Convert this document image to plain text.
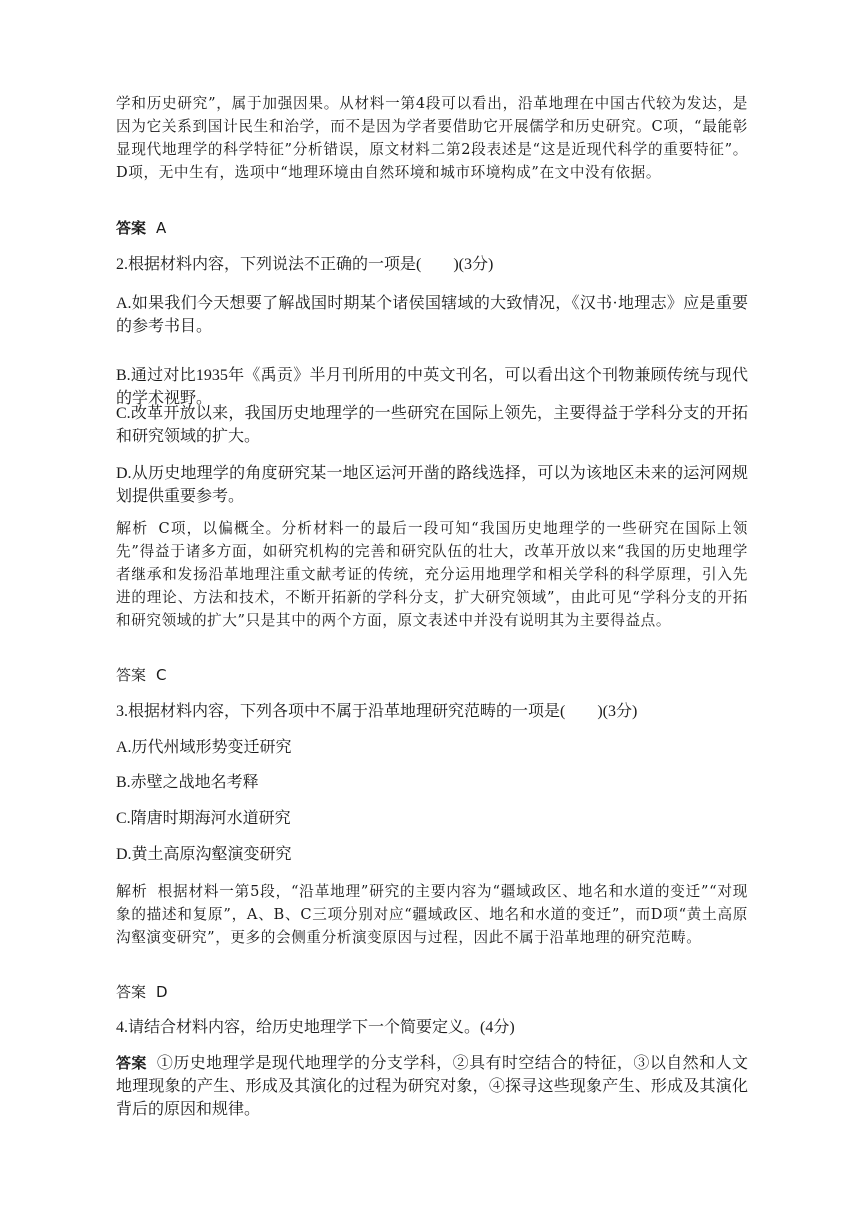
学和历史研究”，属于加强因果。从材料一第4段可以看出，沿革地理在中国古代较为发达，是因为它关系到国计民生和治学，而不是因为学者要借助它开展儒学和历史研究。C项，“最能彰显现代地理学的科学特征”分析错误，原文材料二第2段表述是“这是近现代科学的重要特征”。D项，无中生有，选项中“地理环境由自然环境和城市环境构成”在文中没有依据。

答案 A

2.根据材料内容，下列说法不正确的一项是(　　)(3分)

A.如果我们今天想要了解战国时期某个诸侯国辖域的大致情况，《汉书·地理志》应是重要的参考书目。

B.通过对比1935年《禹贡》半月刊所用的中英文刊名，可以看出这个刊物兼顾传统与现代的学术视野。

C.改革开放以来，我国历史地理学的一些研究在国际上领先，主要得益于学科分支的开拓和研究领域的扩大。

D.从历史地理学的角度研究某一地区运河开凿的路线选择，可以为该地区未来的运河网规划提供重要参考。

解析 C项，以偏概全。分析材料一的最后一段可知“我国历史地理学的一些研究在国际上领先”得益于诸多方面，如研究机构的完善和研究队伍的壮大，改革开放以来“我国的历史地理学者继承和发扬沿革地理注重文献考证的传统，充分运用地理学和相关学科的科学原理，引入先进的理论、方法和技术，不断开拓新的学科分支，扩大研究领域”，由此可见“学科分支的开拓和研究领域的扩大”只是其中的两个方面，原文表述中并没有说明其为主要得益点。

答案 C

3.根据材料内容，下列各项中不属于沿革地理研究范畴的一项是(　　)(3分)

A.历代州域形势变迁研究

B.赤壁之战地名考释

C.隋唐时期海河水道研究

D.黄土高原沟壑演变研究

解析 根据材料一第5段，“沿革地理”研究的主要内容为“疆域政区、地名和水道的变迁”“对现象的描述和复原”，A、B、C三项分别对应“疆域政区、地名和水道的变迁”，而D项“黄土高原沟壑演变研究”，更多的会侧重分析演变原因与过程，因此不属于沿革地理的研究范畴。

答案 D

4.请结合材料内容，给历史地理学下一个简要定义。(4分)

答案 ①历史地理学是现代地理学的分支学科，②具有时空结合的特征，③以自然和人文地理现象的产生、形成及其演化的过程为研究对象，④探寻这些现象产生、形成及其演化背后的原因和规律。
